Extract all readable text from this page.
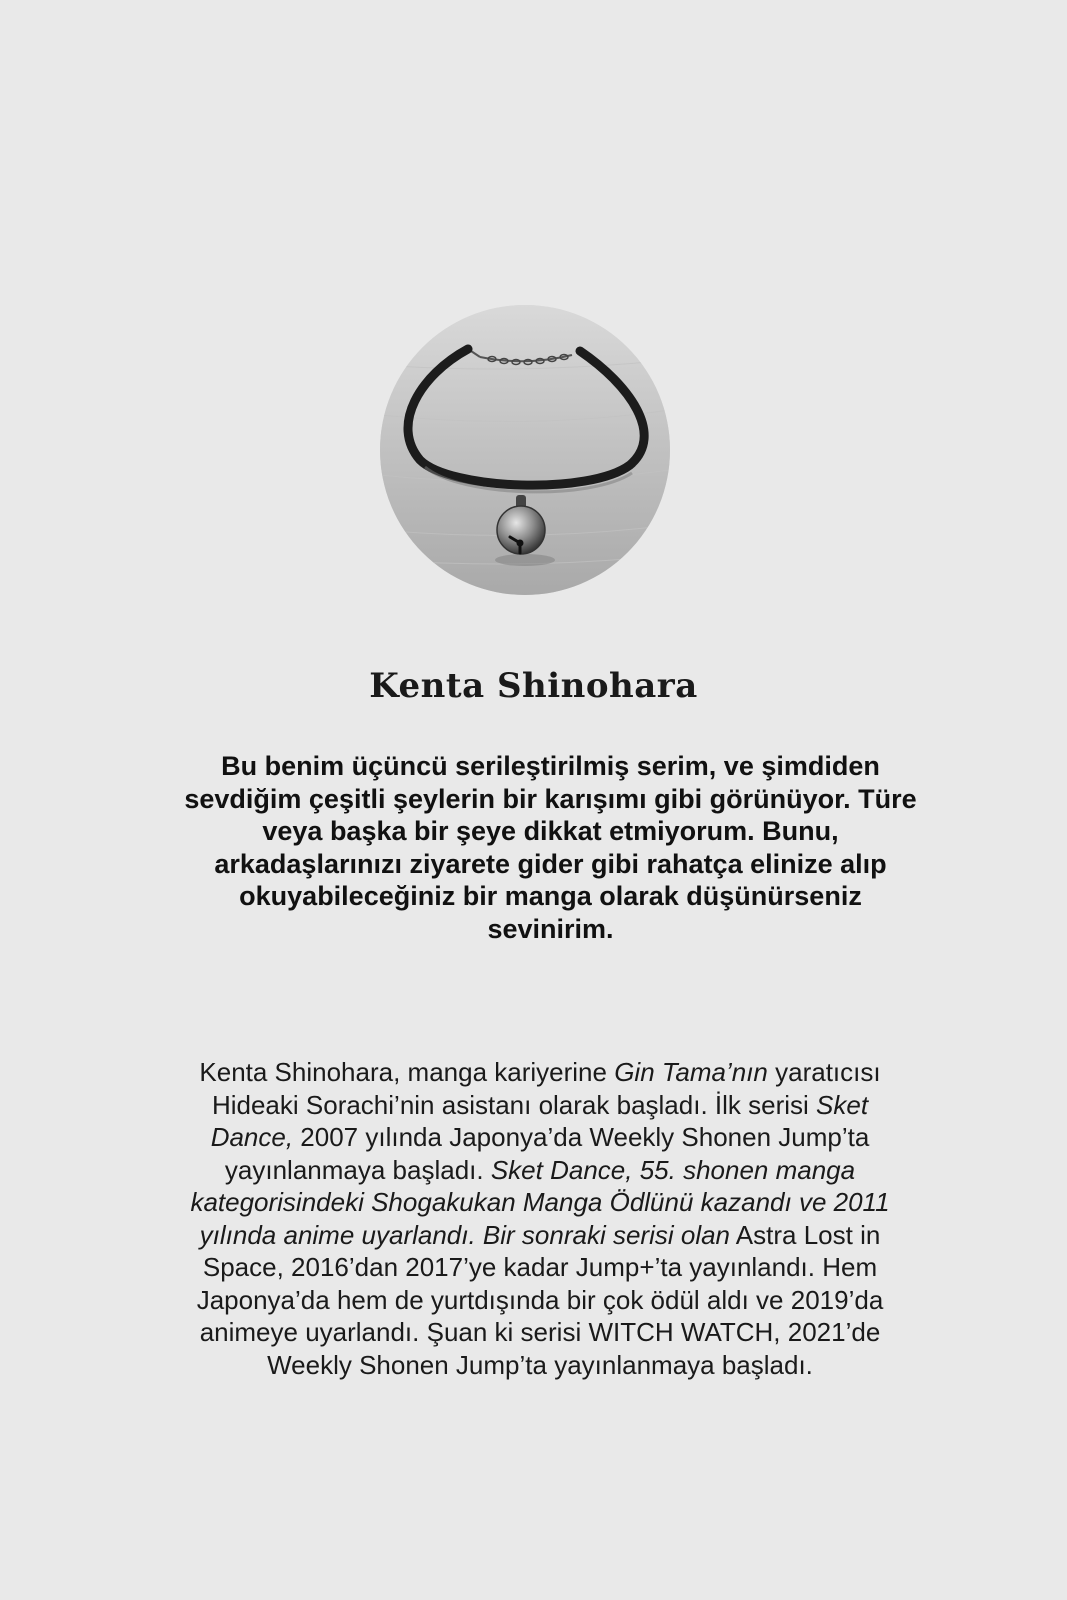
Kenta Shinohara
Bu benim üçüncü serileştirilmiş serim, ve şimdiden sevdiğim çeşitli şeylerin bir karışımı gibi görünüyor. Türe veya başka bir şeye dikkat etmiyorum. Bunu, arkadaşlarınızı ziyarete gider gibi rahatça elinize alıp okuyabileceğiniz bir manga olarak düşünürseniz sevinirim.
Kenta Shinohara, manga kariyerine Gin Tama’nın yaratıcısı Hideaki Sorachi’nin asistanı olarak başladı. İlk serisi Sket Dance, 2007 yılında Japonya’da Weekly Shonen Jump’ta yayınlanmaya başladı. Sket Dance, 55. shonen manga kategorisindeki Shogakukan Manga Ödlünü kazandı ve 2011 yılında anime uyarlandı. Bir sonraki serisi olan Astra Lost in Space, 2016’dan 2017’ye kadar Jump+’ta yayınlandı. Hem Japonya’da hem de yurtdışında bir çok ödül aldı ve 2019’da animeye uyarlandı. Şuan ki serisi WITCH WATCH, 2021’de Weekly Shonen Jump’ta yayınlanmaya başladı.
